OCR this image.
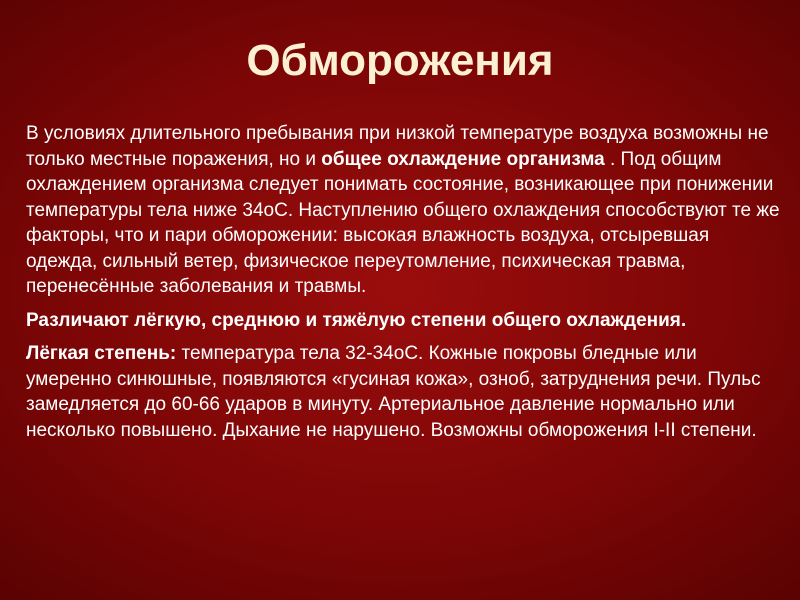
Обморожения

В условиях длительного пребывания при низкой температуре воздуха возможны не только местные поражения, но и общее охлаждение организма . Под общим охлаждением организма следует понимать состояние, возникающее при понижении температуры тела ниже 34оС. Наступлению общего охлаждения способствуют те же факторы, что и пари обморожении: высокая влажность воздуха, отсыревшая одежда, сильный ветер, физическое переутомление, психическая травма, перенесённые заболевания и травмы.

Различают лёгкую, среднюю и тяжёлую степени общего охлаждения.

Лёгкая степень: температура тела 32-34оС. Кожные покровы бледные или умеренно синюшные, появляются «гусиная кожа», озноб, затруднения речи. Пульс замедляется до 60-66 ударов в минуту. Артериальное давление нормально или несколько повышено. Дыхание не нарушено. Возможны обморожения I-II степени.
